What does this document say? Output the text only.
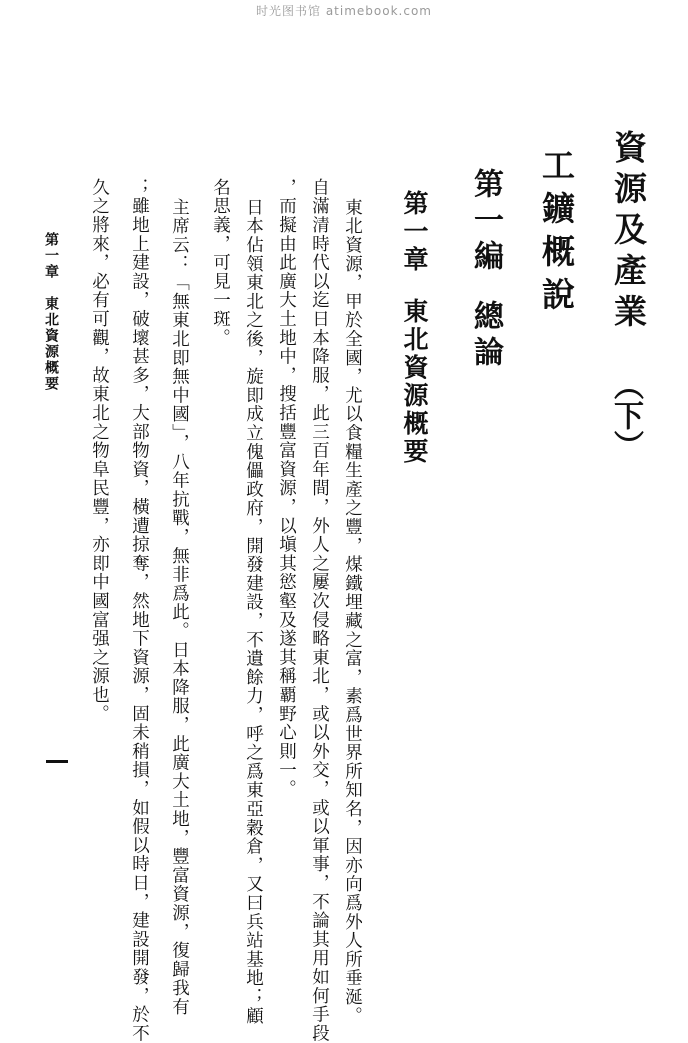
时光图书馆 atimebook.com
資源及產業
（下）
工鑛概說
第一編總論
第一章東北資源概要
東北資源，甲於全國，尤以食糧生產之豐，煤鐵埋藏之富，素爲世界所知名，因亦向爲外人所垂涎。
自滿清時代以迄日本降服，此三百年間，外人之屢次侵略東北，或以外交，或以軍事，不論其用如何手段
，而擬由此廣大土地中，搜括豐富資源，以塡其慾壑及遂其稱覇野心則一。
日本佔領東北之後，旋即成立傀儡政府，開發建設，不遺餘力，呼之爲東亞穀倉，又曰兵站基地；顧
名思義，可見一斑。
主席云：「無東北即無中國」，八年抗戰，無非爲此。日本降服，此廣大土地，豐富資源，復歸我有
；雖地上建設，破壞甚多，大部物資，橫遭掠奪，然地下資源，固未稍損，如假以時日，建設開發，於不
久之將來，必有可觀，故東北之物阜民豐，亦即中國富强之源也。
第一章　東北資源概要
